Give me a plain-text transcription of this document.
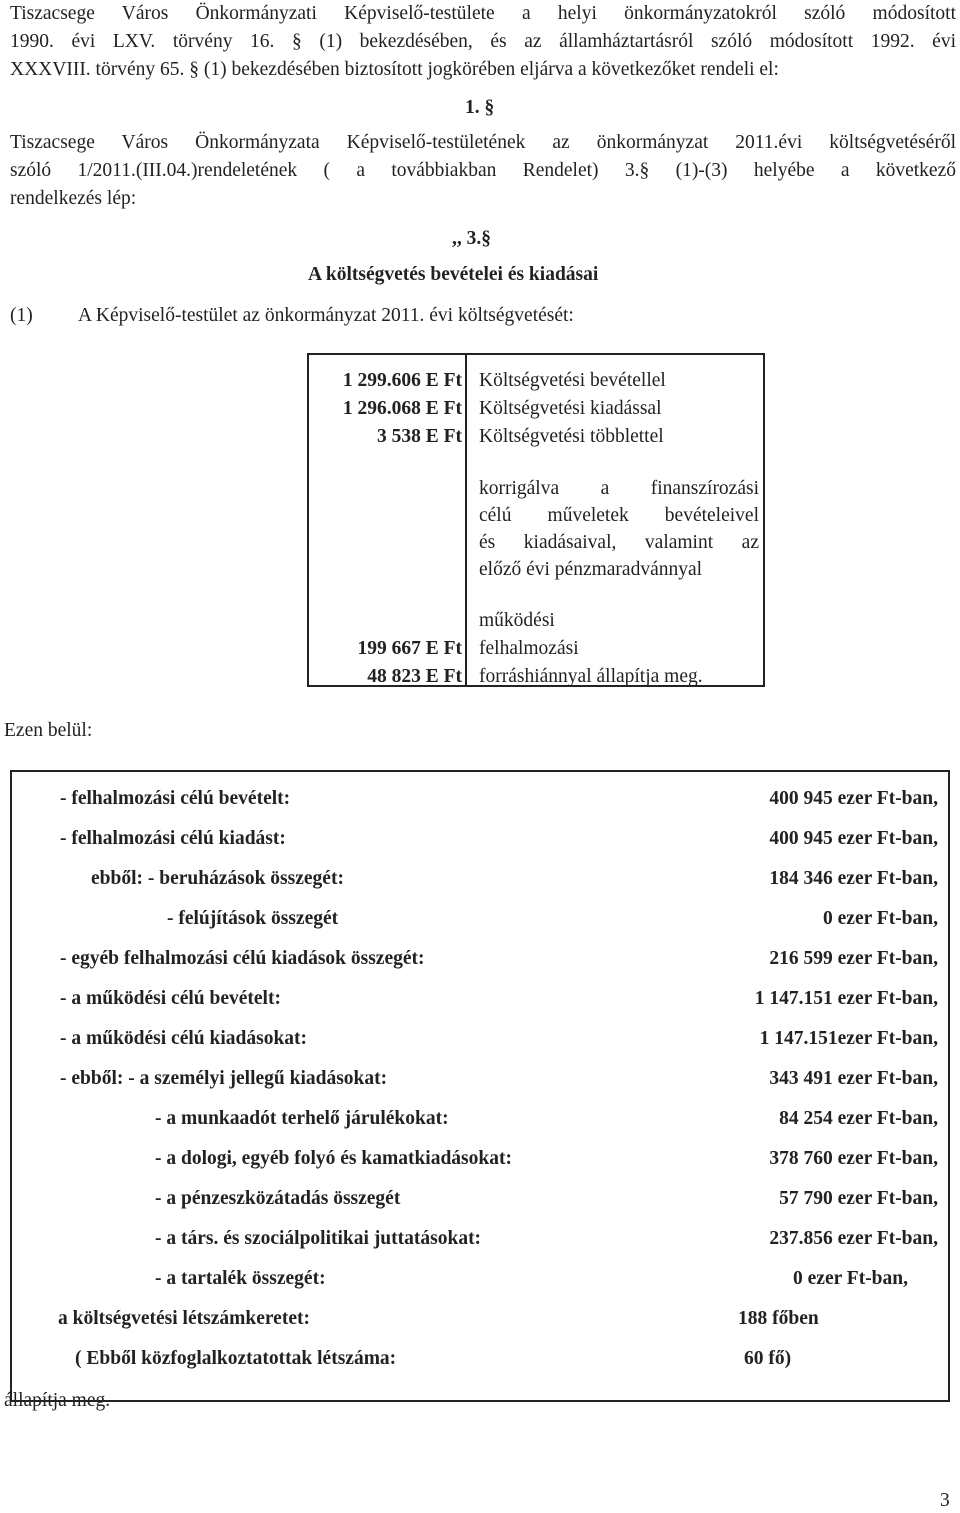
Tiszacsege Város Önkormányzati Képviselő-testülete a helyi önkormányzatokról szóló módosított
1990. évi LXV. törvény 16. § (1) bekezdésében, és az államháztartásról szóló módosított 1992. évi
XXXVIII. törvény 65. § (1) bekezdésében biztosított jogkörében eljárva a következőket rendeli el:
1. §
Tiszacsege Város Önkormányzata Képviselő-testületének az önkormányzat 2011.évi költségvetéséről
szóló 1/2011.(III.04.)rendeletének ( a továbbiakban Rendelet) 3.§ (1)-(3) helyébe a következő
rendelkezés lép:
,, 3.§
A költségvetés bevételei és kiadásai
(1) A Képviselő-testület az önkormányzat 2011. évi költségvetését:
1 299.606 E Ft Költségvetési bevétellel
1 296.068 E Ft Költségvetési kiadással
3 538 E Ft Költségvetési többlettel
korrigálva a finanszírozási
célú műveletek bevételeivel
és kiadásaival, valamint az
előző évi pénzmaradvánnyal
működési
199 667 E Ft felhalmozási
48 823 E Ft forráshiánnyal állapítja meg.
Ezen belül:
- felhalmozási célú bevételt:	400 945 ezer Ft-ban,
- felhalmozási célú kiadást:	400 945 ezer Ft-ban,
ebből: - beruházások összegét:	184 346 ezer Ft-ban,
- felújítások összegét	0 ezer Ft-ban,
- egyéb felhalmozási célú kiadások összegét:	216 599 ezer Ft-ban,
- a működési célú bevételt:	1 147.151 ezer Ft-ban,
- a működési célú kiadásokat:	1 147.151ezer Ft-ban,
- ebből: - a személyi jellegű kiadásokat:	343 491 ezer Ft-ban,
- a munkaadót terhelő járulékokat:	84 254 ezer Ft-ban,
- a dologi, egyéb folyó és kamatkiadásokat:	378 760 ezer Ft-ban,
- a pénzeszközátadás összegét	57 790 ezer Ft-ban,
- a társ. és szociálpolitikai juttatásokat:	237.856 ezer Ft-ban,
- a tartalék összegét:	0 ezer Ft-ban,
a költségvetési létszámkeretet:	188 főben
( Ebből közfoglalkoztatottak létszáma:	60 fő)
állapítja meg.
3
